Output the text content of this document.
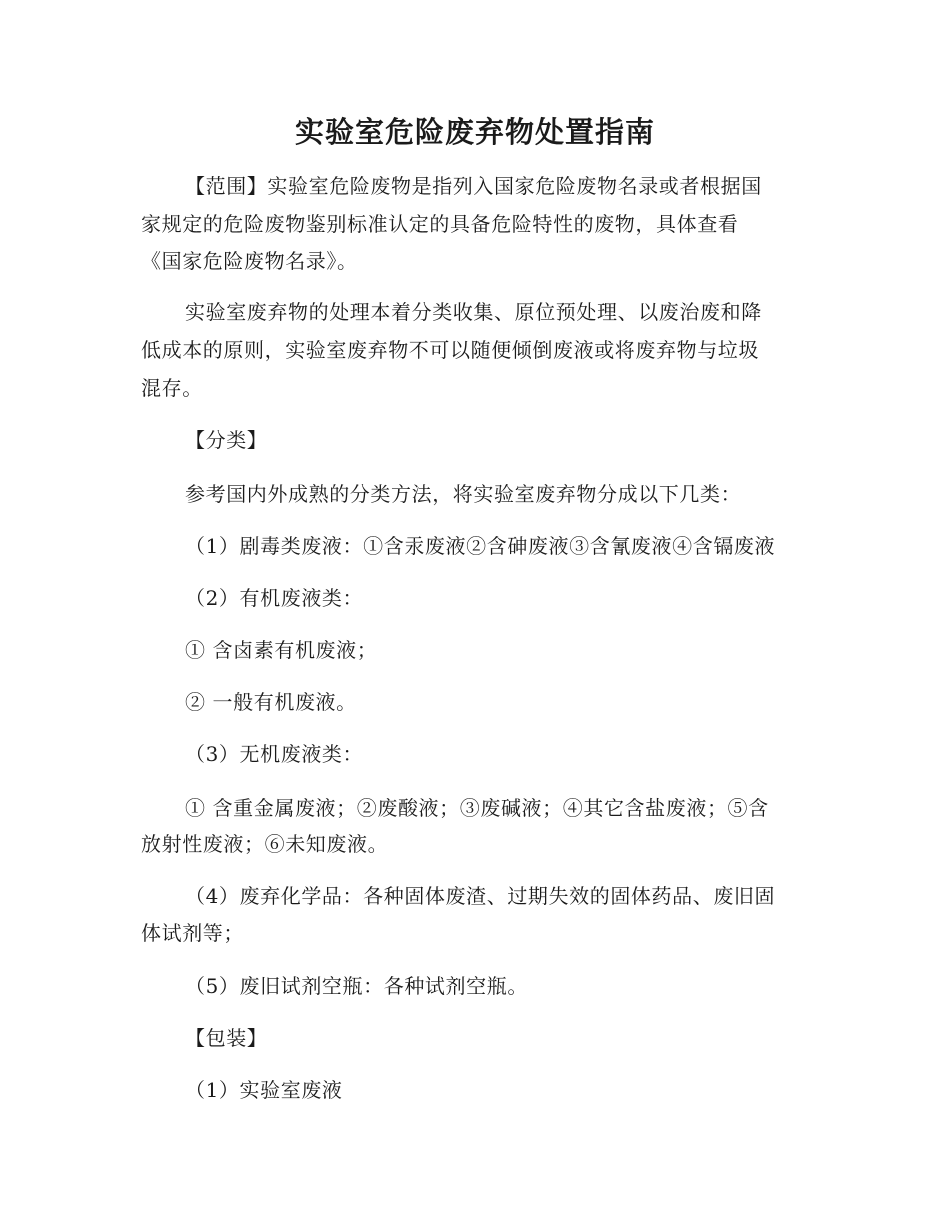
实验室危险废弃物处置指南
【范围】实验室危险废物是指列入国家危险废物名录或者根据国
家规定的危险废物鉴别标准认定的具备危险特性的废物，具体查看
《国家危险废物名录》。
实验室废弃物的处理本着分类收集、原位预处理、以废治废和降
低成本的原则，实验室废弃物不可以随便倾倒废液或将废弃物与垃圾
混存。
【分类】
参考国内外成熟的分类方法，将实验室废弃物分成以下几类：
（1）剧毒类废液：①含汞废液②含砷废液③含氰废液④含镉废液
（2）有机废液类：
① 含卤素有机废液；
② 一般有机废液。
（3）无机废液类：
① 含重金属废液；②废酸液；③废碱液；④其它含盐废液；⑤含
放射性废液；⑥未知废液。
（4）废弃化学品：各种固体废渣、过期失效的固体药品、废旧固
体试剂等；
（5）废旧试剂空瓶：各种试剂空瓶。
【包装】
（1）实验室废液
